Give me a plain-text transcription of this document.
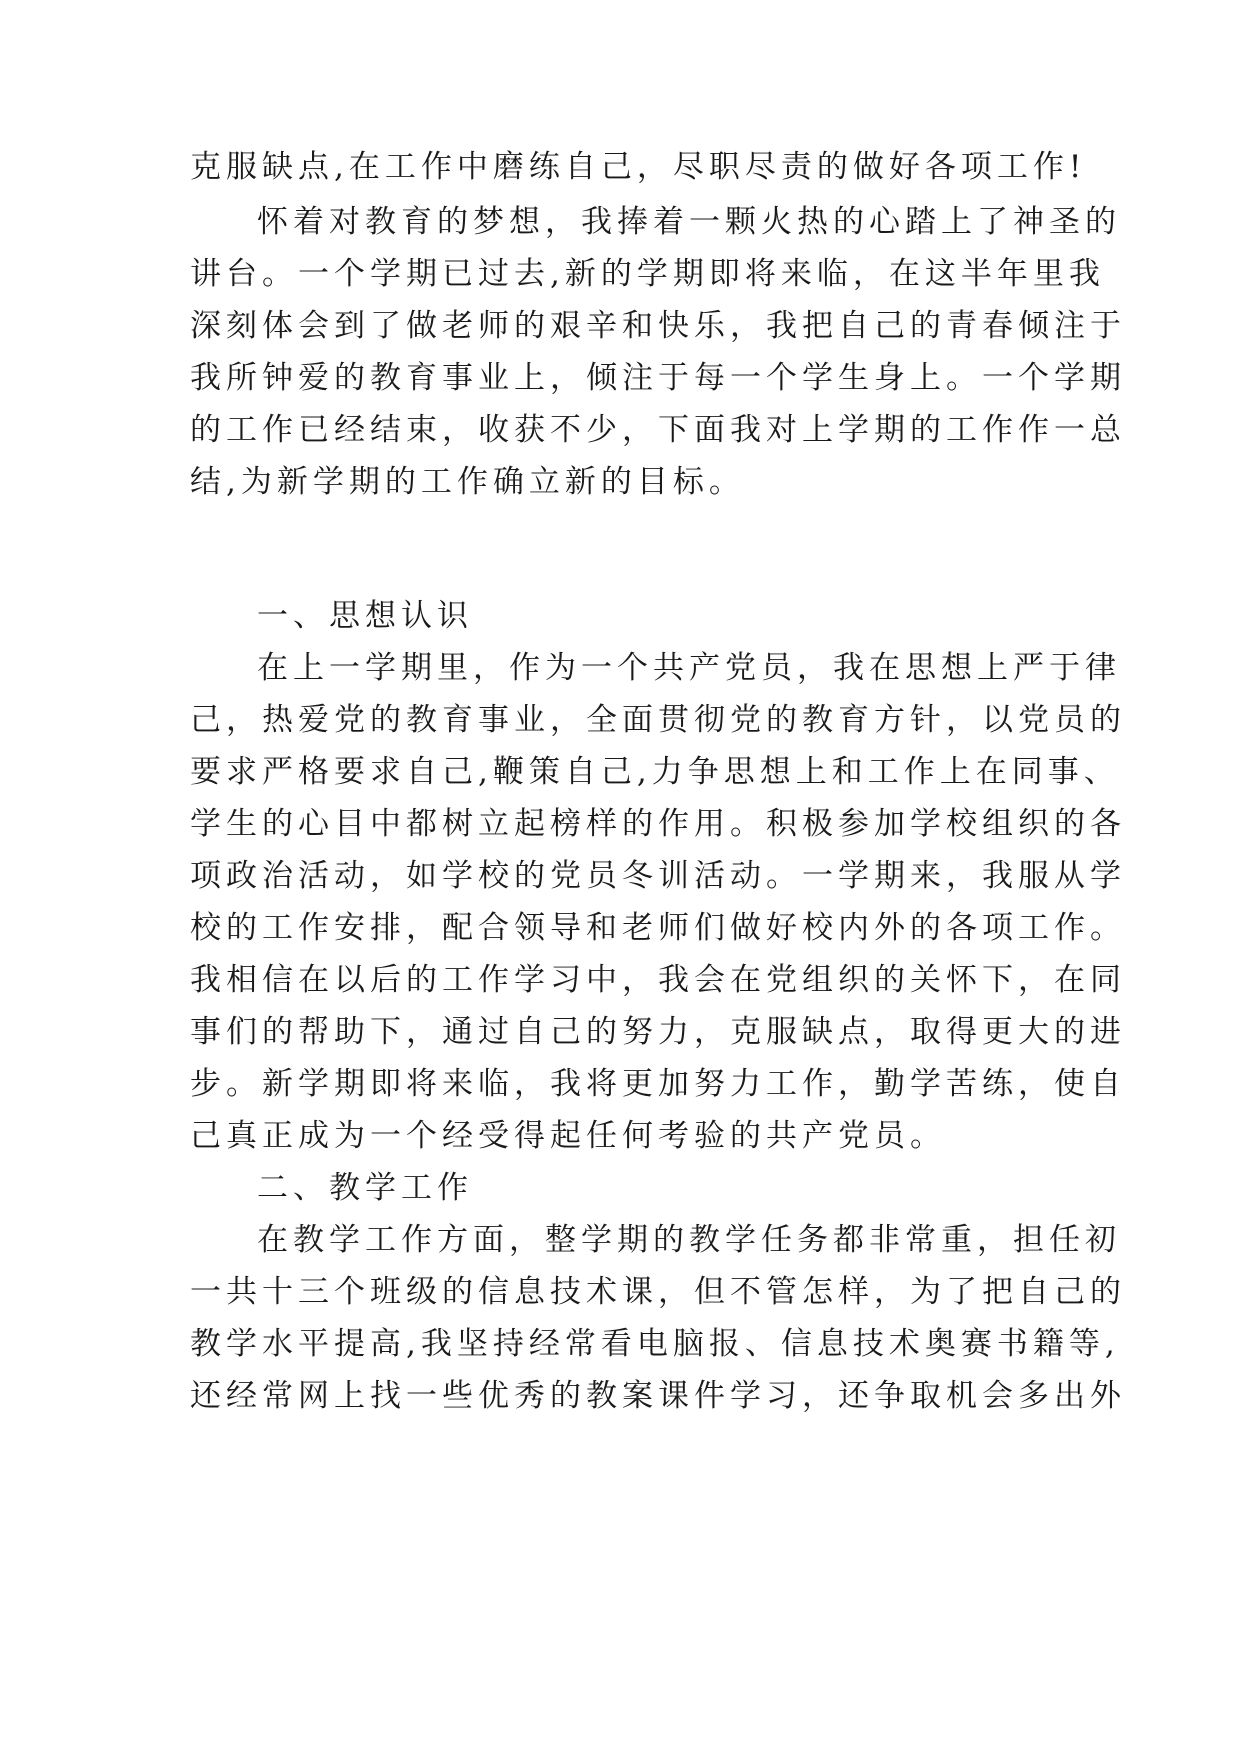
克服缺点,在工作中磨练自己，尽职尽责的做好各项工作!
怀着对教育的梦想，我捧着一颗火热的心踏上了神圣的
讲台。一个学期已过去,新的学期即将来临，在这半年里我
深刻体会到了做老师的艰辛和快乐，我把自己的青春倾注于
我所钟爱的教育事业上，倾注于每一个学生身上。一个学期
的工作已经结束，收获不少，下面我对上学期的工作作一总
结,为新学期的工作确立新的目标。
一、思想认识
在上一学期里，作为一个共产党员，我在思想上严于律
己，热爱党的教育事业，全面贯彻党的教育方针，以党员的
要求严格要求自己,鞭策自己,力争思想上和工作上在同事、
学生的心目中都树立起榜样的作用。积极参加学校组织的各
项政治活动，如学校的党员冬训活动。一学期来，我服从学
校的工作安排，配合领导和老师们做好校内外的各项工作。
我相信在以后的工作学习中，我会在党组织的关怀下，在同
事们的帮助下，通过自己的努力，克服缺点，取得更大的进
步。新学期即将来临，我将更加努力工作，勤学苦练，使自
己真正成为一个经受得起任何考验的共产党员。
二、教学工作
在教学工作方面，整学期的教学任务都非常重，担任初
一共十三个班级的信息技术课，但不管怎样，为了把自己的
教学水平提高,我坚持经常看电脑报、信息技术奥赛书籍等,
还经常网上找一些优秀的教案课件学习，还争取机会多出外
